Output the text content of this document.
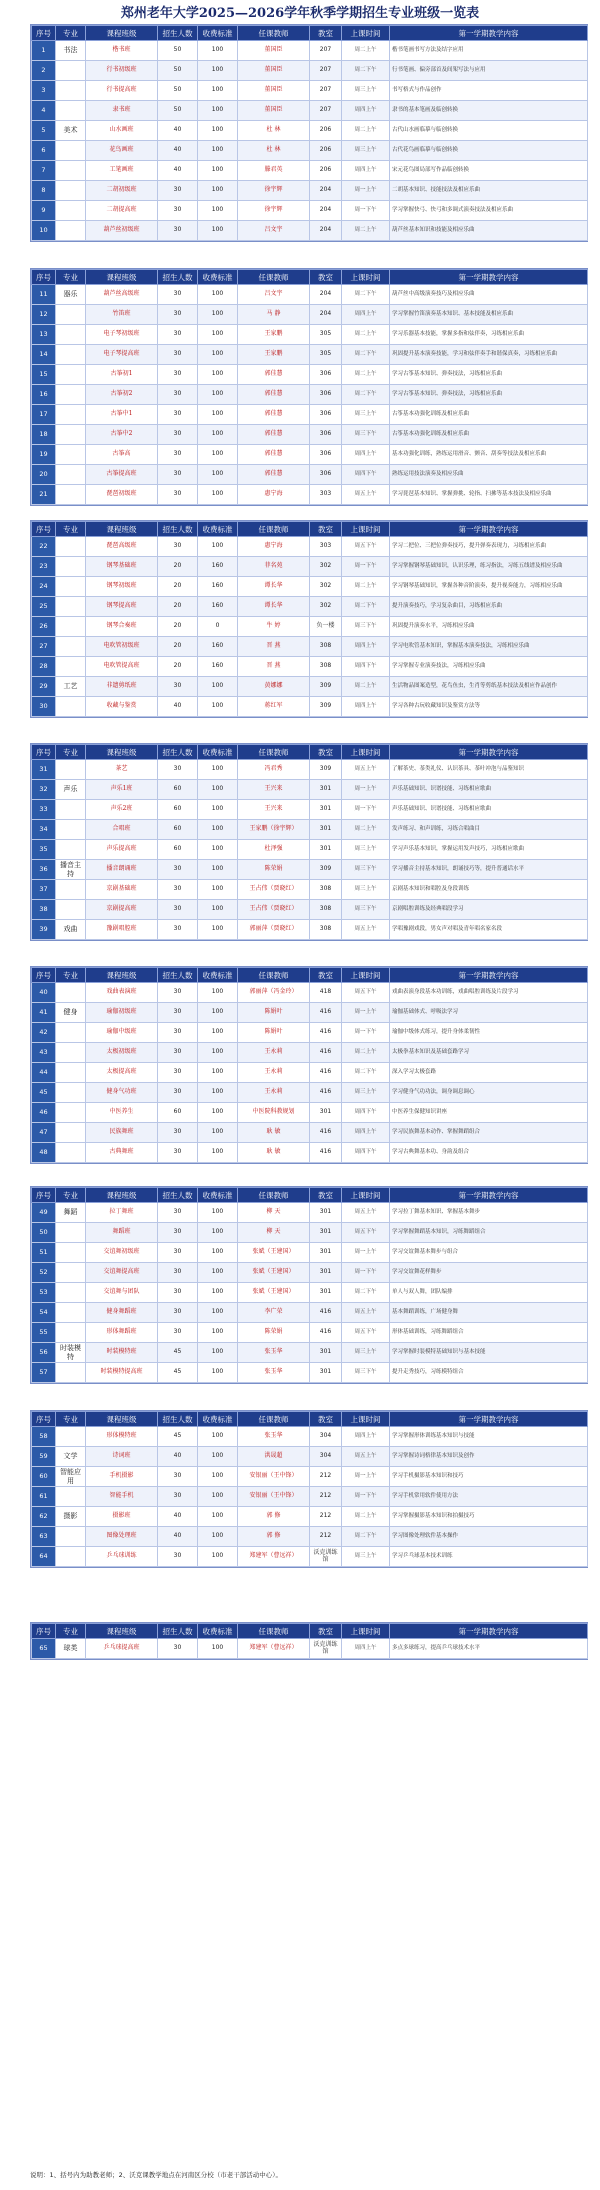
郑州老年大学2025—2026学年秋季学期招生专业班级一览表
序号	专业	课程班级	招生人数	收费标准	任课教师	教室	上课时间	第一学期教学内容
1	书法	楷书班	50	100	董国臣	207	周二上午	楷书笔画书写方法及结字应用
2		行书初级班	50	100	董国臣	207	周二下午	行书笔画、偏旁部首及间架写法与应用
3		行书提高班	50	100	董国臣	207	周三上午	书写格式与作品创作
4		隶书班	50	100	董国臣	207	周四上午	隶书的基本笔画及临创转换
5	美术	山水画班	40	100	杜 林	206	周二上午	古代山水画临摹与临创转换
6		花鸟画班	40	100	杜 林	206	周三上午	古代花鸟画临摹与临创转换
7		工笔画班	40	100	滕君英	206	周四上午	宋元花鸟图局部写作品临创转换
8		二胡初级班	30	100	徐宇辉	204	周一上午	二胡基本知识、技能技法及相应乐曲
9		二胡提高班	30	100	徐宇辉	204	周一下午	学习掌握快弓、快弓和多调式演奏技法及相应乐曲
10		葫芦丝初级班	30	100	吕文宇	204	周二上午	葫芦丝基本知识和技能及相应乐曲
序号	专业	课程班级	招生人数	收费标准	任课教师	教室	上课时间	第一学期教学内容
11	器乐	葫芦丝高级班	30	100	吕文宇	204	周二下午	葫芦丝中高级演奏技巧及相应乐曲
12		竹笛班	30	100	马 静	204	周四上午	学习掌握竹笛演奏基本知识、基本技能及相应乐曲
13		电子琴初级班	30	100	王家鹏	305	周二上午	学习乐器基本技能，掌握多指和弦伴奏，习练相应乐曲
14		电子琴提高班	30	100	王家鹏	305	周二下午	巩固提升基本演奏技能，学习和弦伴奏手和谐保真奏，习练相应乐曲
15		古筝初1	30	100	郭佳慧	306	周二上午	学习古筝基本知识、弹奏技法，习练相应乐曲
16		古筝初2	30	100	郭佳慧	306	周二下午	学习古筝基本知识、弹奏技法，习练相应乐曲
17		古筝中1	30	100	郭佳慧	306	周三上午	古筝基本功强化训练及相应乐曲
18		古筝中2	30	100	郭佳慧	306	周三下午	古筝基本功强化训练及相应乐曲
19		古筝高	30	100	郭佳慧	306	周四上午	基本功强化训练，熟练运用滑音、颤音、刮奏等技法及相应乐曲
20		古筝提高班	30	100	郭佳慧	306	周四下午	熟练运用技法演奏及相应乐曲
21		琵琶初级班	30	100	惠宁海	303	周五上午	学习琵琶基本知识、掌握弹挑、轮指、扫拂等基本技法及相应乐曲
序号	专业	课程班级	招生人数	收费标准	任课教师	教室	上课时间	第一学期教学内容
22		琵琶高级班	30	100	惠宁海	303	周五下午	学习二把位、三把位弹奏技巧，提升弹奏表现力，习练相应乐曲
23		钢琴基础班	20	160	菲名苑	302	周一下午	学习掌握钢琴基础知识，认识乐理，练习指法，习练五线谱及相应乐曲
24		钢琴初级班	20	160	谭长华	302	周二上午	学习钢琴基础知识，掌握各种音阶演奏，提升视奏能力，习练相应乐曲
25		钢琴提高班	20	160	谭长华	302	周二下午	提升演奏技巧，学习复杂曲目，习练相应乐曲
26		钢琴合奏班	20	0	牛 婷	负一楼	周三下午	巩固提升演奏水平，习练相应乐曲
27		电吹管初级班	20	160	晋 燕	308	周四上午	学习电吹管基本知识，掌握基本演奏技法，习练相应乐曲
28		电吹管提高班	20	160	晋 燕	308	周四下午	学习掌握专业演奏技法，习练相应乐曲
29	工艺	非遗剪纸班	30	100	黄娜娜	309	周二上午	生活物品图案造型，花鸟鱼虫，生肖等剪纸基本技法及相应作品创作
30		收藏与鉴赏	40	100	蒋红军	309	周四上午	学习各种古玩收藏知识及鉴赏方法等
序号	专业	课程班级	招生人数	收费标准	任课教师	教室	上课时间	第一学期教学内容
31		茶艺	30	100	冯君秀	309	周五上午	了解茶史、茶类礼仪、认识茶具、茶叶冲泡与品鉴知识
32	声乐	声乐1班	60	100	王兴来	301	周一上午	声乐基础知识、识谱技能、习练相应歌曲
33		声乐2班	60	100	王兴来	301	周一下午	声乐基础知识、识谱技能、习练相应歌曲
34		合唱班	60	100	王家鹏（徐宇辉）	301	周二上午	发声练习、和声训练，习练合唱曲目
35		声乐提高班	60	100	杜泽强	301	周三上午	学习声乐基本知识，掌握运用发声技巧，习练相应歌曲
36	播音主持	播音朗诵班	30	100	陈荣娟	309	周三下午	学习播音主持基本知识，朗诵技巧等，提升普通话水平
37		京剧基础班	30	100	王占伟（贾晓红）	308	周三上午	京剧基本知识和唱腔及身段训练
38		京剧提高班	30	100	王占伟（贾晓红）	308	周三下午	京剧唱腔训练及经典唱段学习
39	戏曲	豫剧唱腔班	30	100	郭丽萍（贾晓红）	308	周五上午	学唱豫剧戏段，男女声对唱及青年唱名家名段
序号	专业	课程班级	招生人数	收费标准	任课教师	教室	上课时间	第一学期教学内容
40		戏曲表演班	30	100	郭丽萍（冯金玲）	418	周五下午	戏曲表演身段基本功训练，戏曲唱腔训练及片段学习
41	健身	瑜伽初级班	30	100	陈娟叶	416	周一上午	瑜伽基础体式、呼吸法学习
42		瑜伽中级班	30	100	陈娟叶	416	周一下午	瑜伽中级体式练习，提升身体柔韧性
43		太极初级班	30	100	王永莉	416	周二上午	太极拳基本知识及基础套路学习
44		太极提高班	30	100	王永莉	416	周二下午	深入学习太极套路
45		健身气功班	30	100	王永莉	416	周三上午	学习健身气功功法，调身调息调心
46		中医养生	60	100	中医院科教规划	301	周四下午	中医养生保健知识讲座
47		民族舞班	30	100	耿 敏	416	周四上午	学习民族舞基本动作、掌握舞蹈组合
48		古典舞班	30	100	耿 敏	416	周四下午	学习古典舞基本功、身韵及组合
序号	专业	课程班级	招生人数	收费标准	任课教师	教室	上课时间	第一学期教学内容
49	舞蹈	拉丁舞班	30	100	柳 天	301	周五上午	学习拉丁舞基本知识、掌握基本舞步
50		舞蹈班	30	100	柳 天	301	周五下午	学习掌握舞蹈基本知识，习练舞蹈组合
51		交谊舞初级班	30	100	张斌（王建国）	301	周一上午	学习交谊舞基本舞步与组合
52		交谊舞提高班	30	100	张斌（王建国）	301	周一下午	学习交谊舞花样舞步
53		交谊舞与团队	30	100	张斌（王建国）	301	周二下午	单人与双人舞，团队编排
54		健身舞蹈班	30	100	李广荣	416	周五上午	基本舞蹈训练，广场健身舞
55		形体舞蹈班	30	100	陈荣娟	416	周五下午	形体基础训练，习练舞蹈组合
56	时装模特	时装模特班	45	100	张玉华	301	周三上午	学习掌握时装模特基础知识与基本技能
57		时装模特提高班	45	100	张玉华	301	周三下午	提升走秀技巧，习练模特组合
序号	专业	课程班级	招生人数	收费标准	任课教师	教室	上课时间	第一学期教学内容
58		形体模特班	45	100	张玉华	304	周四上午	学习掌握形体训练基本知识与技能
59	文学	诗词班	40	100	洪晟超	304	周五上午	学习掌握诗词格律基本知识及创作
60	智能应用	手机摄影	30	100	安银丽（王中锋）	212	周一上午	学习手机摄影基本知识和技巧
61		智能手机	30	100	安银丽（王中锋）	212	周一下午	学习手机常用软件使用方法
62	摄影	摄影班	40	100	郭 修	212	周二上午	学习掌握摄影基本知识和拍摄技巧
63		图像处理班	40	100	郭 修	212	周二下午	学习图像处理软件基本操作
64		乒乓球训练	30	100	郑建军（曹远祥）	沃克训练馆	周三上午	学习乒乓球基本技术训练
序号	专业	课程班级	招生人数	收费标准	任课教师	教室	上课时间	第一学期教学内容
65	球类	乒乓球提高班	30	100	郑建军（曹远祥）	沃克训练馆	周四上午	多点多球练习，提高乒乓球技术水平
说明：1、括号内为助教老师；2、沃克课教学地点在河南区分校（市老干部活动中心）。
